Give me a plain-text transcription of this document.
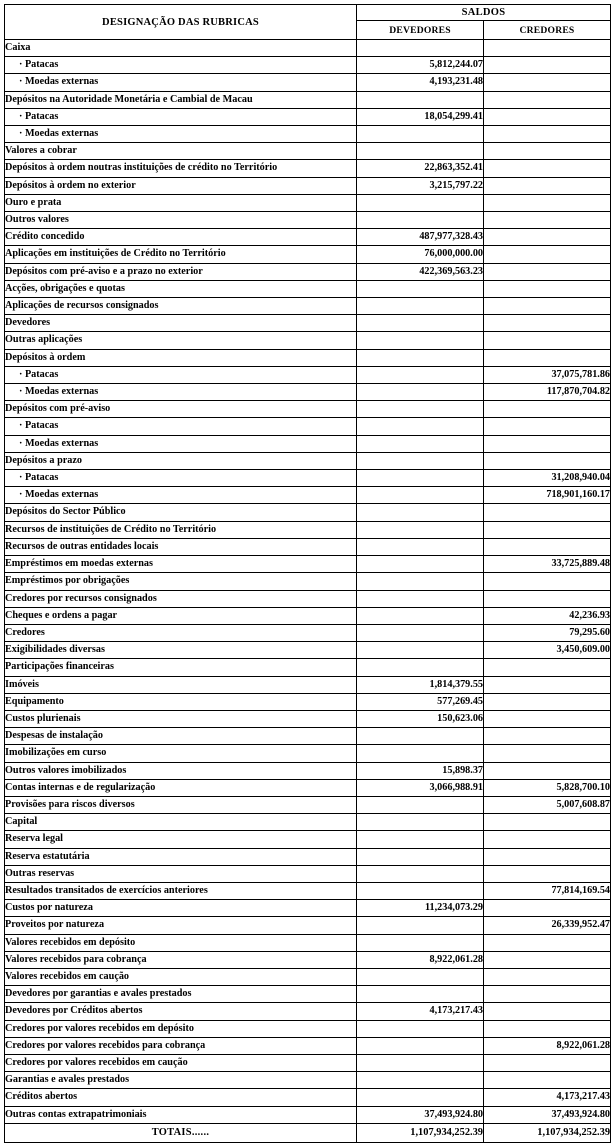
DESIGNAÇÃO DAS RUBRICAS	SALDOS	
	DEVEDORES	CREDORES
Caixa		
· Patacas	5,812,244.07	
· Moedas externas	4,193,231.48	
Depósitos na Autoridade Monetária e Cambial de Macau		
· Patacas	18,054,299.41	
· Moedas externas		
Valores a cobrar		
Depósitos à ordem noutras instituições de crédito no Território	22,863,352.41	
Depósitos à ordem no exterior	3,215,797.22	
Ouro e prata		
Outros valores		
Crédito concedido	487,977,328.43	
Aplicações em instituições de Crédito no Território	76,000,000.00	
Depósitos com pré-aviso e a prazo no exterior	422,369,563.23	
Acções, obrigações e quotas		
Aplicações de recursos consignados		
Devedores		
Outras aplicações		
Depósitos à ordem		
· Patacas		37,075,781.86
· Moedas externas		117,870,704.82
Depósitos com pré-aviso		
· Patacas		
· Moedas externas		
Depósitos a prazo		
· Patacas		31,208,940.04
· Moedas externas		718,901,160.17
Depósitos do Sector Público		
Recursos de instituições de Crédito no Território		
Recursos de outras entidades locais		
Empréstimos em moedas externas		33,725,889.48
Empréstimos por obrigações		
Credores por recursos consignados		
Cheques e ordens a pagar		42,236.93
Credores		79,295.60
Exigibilidades diversas		3,450,609.00
Participações financeiras		
Imóveis	1,814,379.55	
Equipamento	577,269.45	
Custos plurienais	150,623.06	
Despesas de instalação		
Imobilizações em curso		
Outros valores imobilizados	15,898.37	
Contas internas e de regularização	3,066,988.91	5,828,700.10
Provisões para riscos diversos		5,007,608.87
Capital		
Reserva legal		
Reserva estatutária		
Outras reservas		
Resultados transitados de exercícios anteriores		77,814,169.54
Custos por natureza	11,234,073.29	
Proveitos por natureza		26,339,952.47
Valores recebidos em depósito		
Valores recebidos para cobrança	8,922,061.28	
Valores recebidos em caução		
Devedores por garantias e avales prestados		
Devedores por Créditos abertos	4,173,217.43	
Credores por valores recebidos em depósito		
Credores por valores recebidos para cobrança		8,922,061.28
Credores por valores recebidos em caução		
Garantias e avales prestados		
Créditos abertos		4,173,217.43
Outras contas extrapatrimoniais	37,493,924.80	37,493,924.80
TOTAIS......	1,107,934,252.39	1,107,934,252.39
